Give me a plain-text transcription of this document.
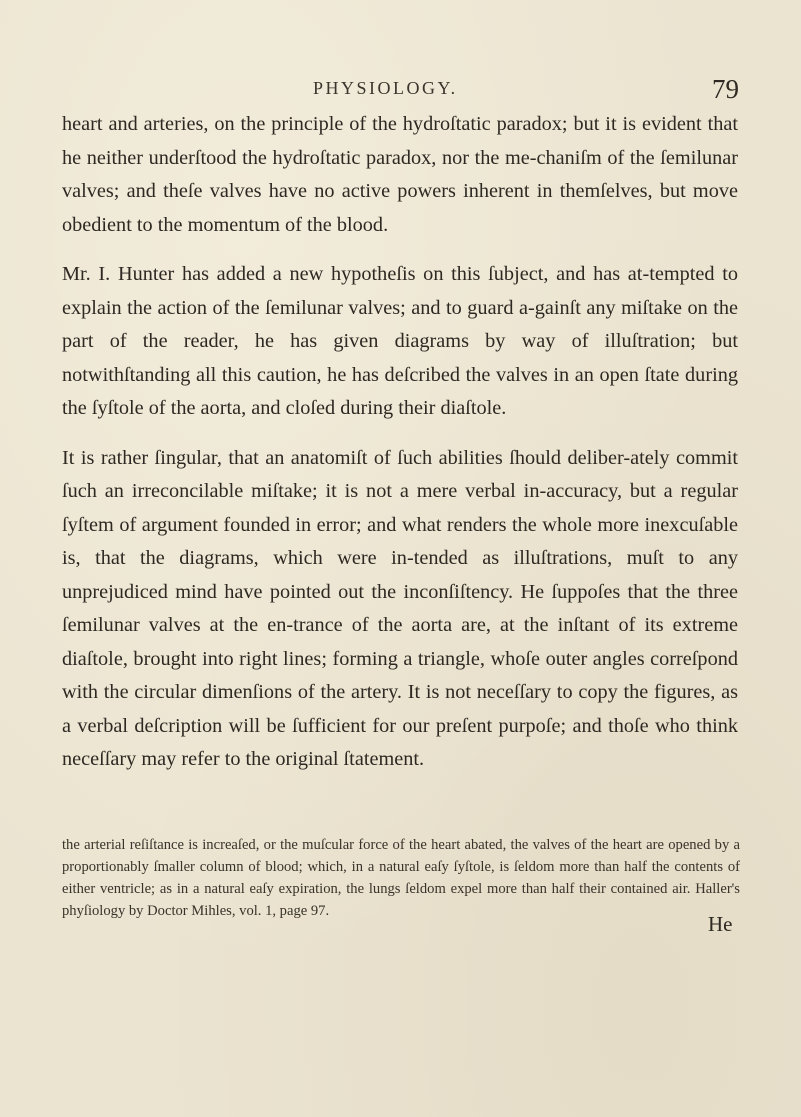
PHYSIOLOGY.	79

heart and arteries, on the principle of the hydroſtatic paradox; but it is evident that he neither underſtood the hydroſtatic paradox, nor the me-chaniſm of the ſemilunar valves; and theſe valves have no active powers inherent in themſelves, but move obedient to the momentum of the blood.

Mr. I. Hunter has added a new hypotheſis on this ſubject, and has at-tempted to explain the action of the ſemilunar valves; and to guard a-gainſt any miſtake on the part of the reader, he has given diagrams by way of illuſtration; but notwithſtanding all this caution, he has deſcribed the valves in an open ſtate during the ſyſtole of the aorta, and cloſed during their diaſtole.

It is rather ſingular, that an anatomiſt of ſuch abilities ſhould deliber-ately commit ſuch an irreconcilable miſtake; it is not a mere verbal in-accuracy, but a regular ſyſtem of argument founded in error; and what renders the whole more inexcuſable is, that the diagrams, which were in-tended as illuſtrations, muſt to any unprejudiced mind have pointed out the inconſiſtency. He ſuppoſes that the three ſemilunar valves at the en-trance of the aorta are, at the inſtant of its extreme diaſtole, brought into right lines; forming a triangle, whoſe outer angles correſpond with the circular dimenſions of the artery. It is not neceſſary to copy the figures, as a verbal deſcription will be ſufficient for our preſent purpoſe; and thoſe who think neceſſary may refer to the original ſtatement.

the arterial reſiſtance is increaſed, or the muſcular force of the heart abated, the valves of the heart are opened by a proportionably ſmaller column of blood; which, in a natural eaſy ſyſtole, is ſeldom more than half the contents of either ventricle; as in a natural eaſy expiration, the lungs ſeldom expel more than half their contained air. Haller's phyſiology by Doctor Mihles, vol. 1, page 97.

He
